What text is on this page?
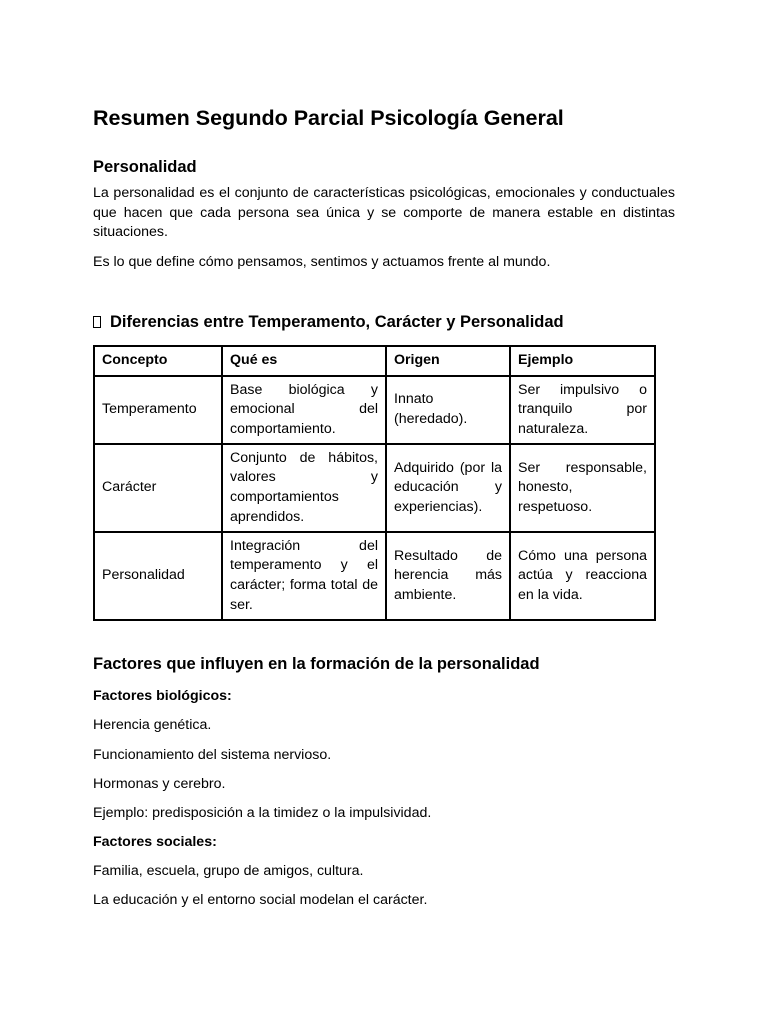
Resumen Segundo Parcial Psicología General
Personalidad
La personalidad es el conjunto de características psicológicas, emocionales y conductuales que hacen que cada persona sea única y se comporte de manera estable en distintas situaciones.
Es lo que define cómo pensamos, sentimos y actuamos frente al mundo.
Diferencias entre Temperamento, Carácter y Personalidad
Concepto	Qué es	Origen	Ejemplo
Temperamento	Base biológica y emocional del comportamiento.	Innato (heredado).	Ser impulsivo o tranquilo por naturaleza.
Carácter	Conjunto de hábitos, valores y comportamientos aprendidos.	Adquirido (por la educación y experiencias).	Ser responsable, honesto, respetuoso.
Personalidad	Integración del temperamento y el carácter; forma total de ser.	Resultado de herencia más ambiente.	Cómo una persona actúa y reacciona en la vida.
Factores que influyen en la formación de la personalidad
Factores biológicos:
Herencia genética.
Funcionamiento del sistema nervioso.
Hormonas y cerebro.
Ejemplo: predisposición a la timidez o la impulsividad.
Factores sociales:
Familia, escuela, grupo de amigos, cultura.
La educación y el entorno social modelan el carácter.
